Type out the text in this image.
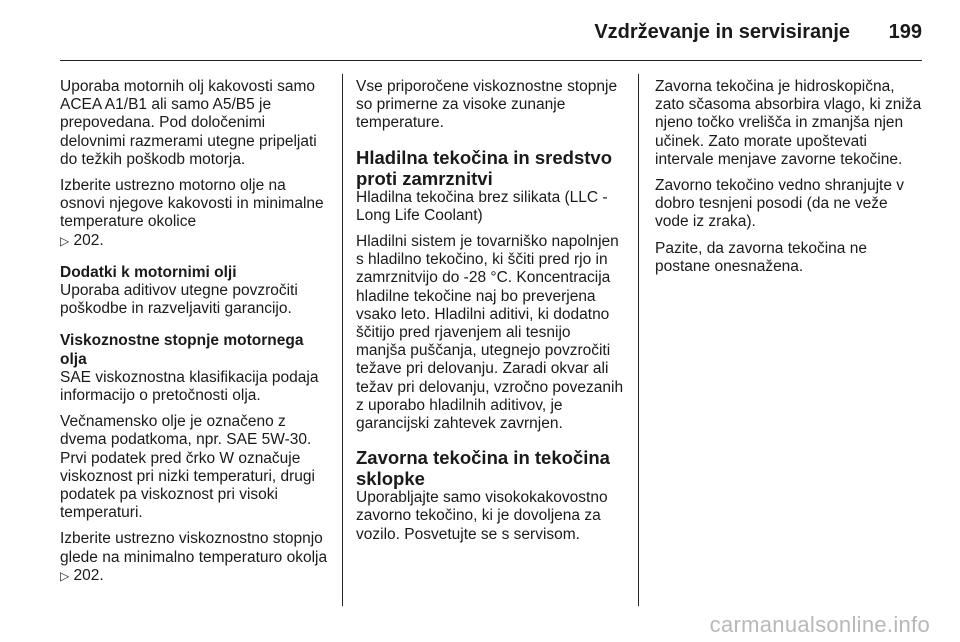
Vzdrževanje in servisiranje	199

Uporaba motornih olj kakovosti samo ACEA A1/B1 ali samo A5/B5 je prepovedana. Pod določenimi delovnimi razmerami utegne pripeljati do težkih poškodb motorja.

Izberite ustrezno motorno olje na osnovi njegove kakovosti in minimalne temperature okolice
▷ 202.

Dodatki k motornimi olji

Uporaba aditivov utegne povzročiti poškodbe in razveljaviti garancijo.

Viskoznostne stopnje motornega olja

SAE viskoznostna klasifikacija podaja informacijo o pretočnosti olja.

Večnamensko olje je označeno z dvema podatkoma, npr. SAE 5W-30. Prvi podatek pred črko W označuje viskoznost pri nizki temperaturi, drugi podatek pa viskoznost pri visoki temperaturi.

Izberite ustrezno viskoznostno stopnjo glede na minimalno temperaturo okolja ▷ 202.

Vse priporočene viskoznostne stopnje so primerne za visoke zunanje temperature.

Hladilna tekočina in sredstvo proti zamrznitvi

Hladilna tekočina brez silikata (LLC - Long Life Coolant)

Hladilni sistem je tovarniško napolnjen s hladilno tekočino, ki ščiti pred rjo in zamrznitvijo do -28 °C. Koncentracija hladilne tekočine naj bo preverjena vsako leto. Hladilni aditivi, ki dodatno ščitijo pred rjavenjem ali tesnijo manjša puščanja, utegnejo povzročiti težave pri delovanju. Zaradi okvar ali težav pri delovanju, vzročno povezanih z uporabo hladilnih aditivov, je garancijski zahtevek zavrnjen.

Zavorna tekočina in tekočina sklopke

Uporabljajte samo visokokakovostno zavorno tekočino, ki je dovoljena za vozilo. Posvetujte se s servisom.

Zavorna tekočina je hidroskopična, zato sčasoma absorbira vlago, ki zniža njeno točko vrelišča in zmanjša njen učinek. Zato morate upoštevati intervale menjave zavorne tekočine.

Zavorno tekočino vedno shranjujte v dobro tesnjeni posodi (da ne veže vode iz zraka).

Pazite, da zavorna tekočina ne postane onesnažena.

carmanualsonline.info
